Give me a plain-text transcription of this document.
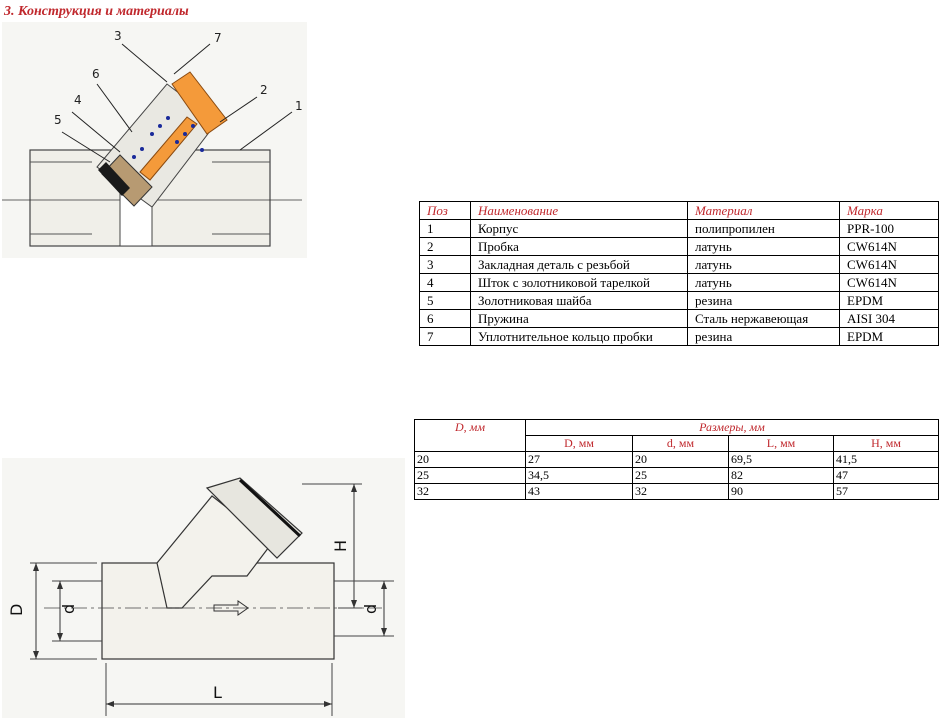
3. Конструкция и материалы
1
2
3
4
5
6
7
Поз	Наименование	Материал	Марка
1	Корпус	полипропилен	PPR-100
2	Пробка	латунь	CW614N
3	Закладная деталь с резьбой	латунь	CW614N
4	Шток с золотниковой тарелкой	латунь	CW614N
5	Золотниковая шайба	резина	EPDM
6	Пружина	Сталь нержавеющая	AISI 304
7	Уплотнительное кольцо пробки	резина	EPDM
D, мм	Размеры, мм			
	D, мм	d, мм	L, мм	H, мм
20	27	20	69,5	41,5
25	34,5	25	82	47
32	43	32	90	57
D d
H
d
L
